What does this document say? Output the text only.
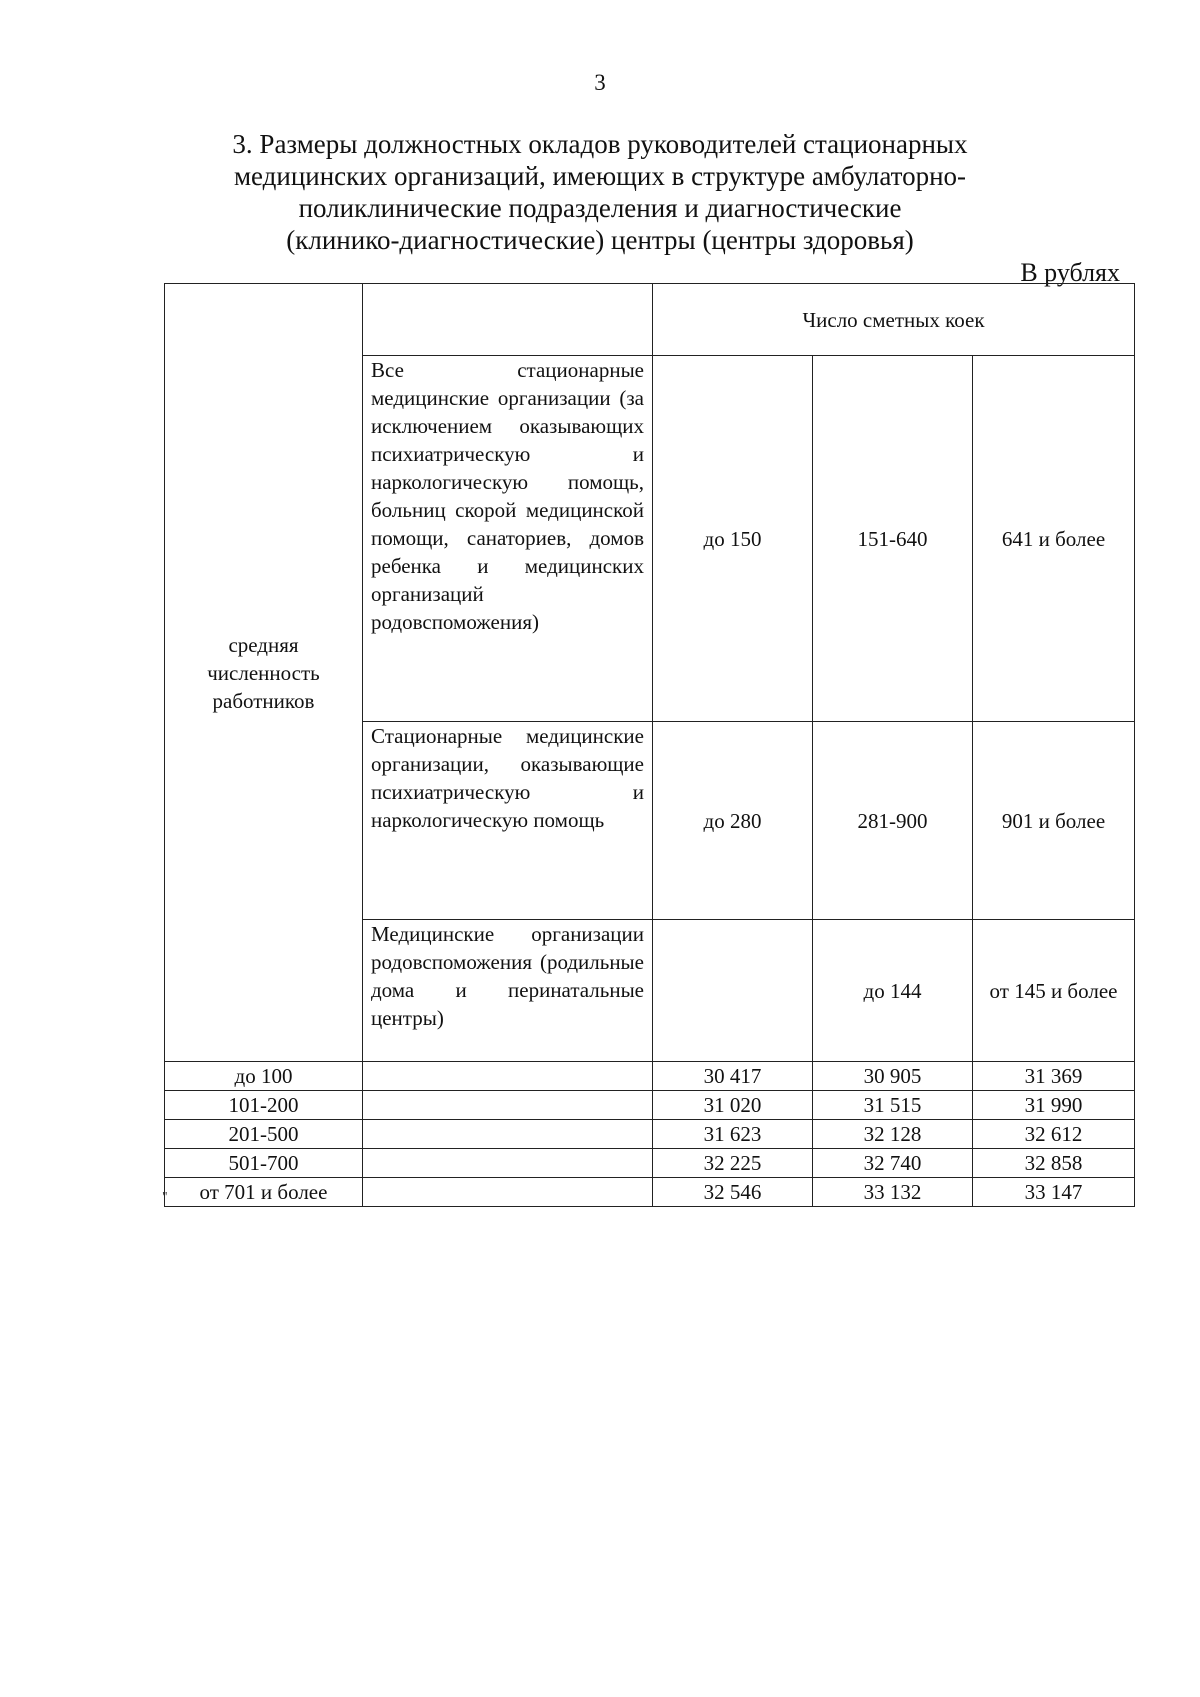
3
3. Размеры должностных окладов руководителей стационарных
медицинских организаций, имеющих в структуре амбулаторно-
поликлинические подразделения и диагностические
(клинико-диагностические) центры (центры здоровья)
В рублях
средняя численность работников		Число сметных коек		
	Все стационарные медицинские организации (за исключением оказывающих психиатрическую и наркологическую помощь, больниц скорой медицинской помощи, санаториев, домов ребенка и медицинских организаций родовспоможения)	до 150	151-640	641 и более
	Стационарные медицинские организации, оказывающие психиатрическую и наркологическую помощь	до 280	281-900	901 и более
	Медицинские организации родовспоможения (родильные дома и перинатальные центры)		до 144	от 145 и более
до 100		30 417	30 905	31 369
101-200		31 020	31 515	31 990
201-500		31 623	32 128	32 612
501-700		32 225	32 740	32 858
от 701 и более		32 546	33 132	33 147
"
